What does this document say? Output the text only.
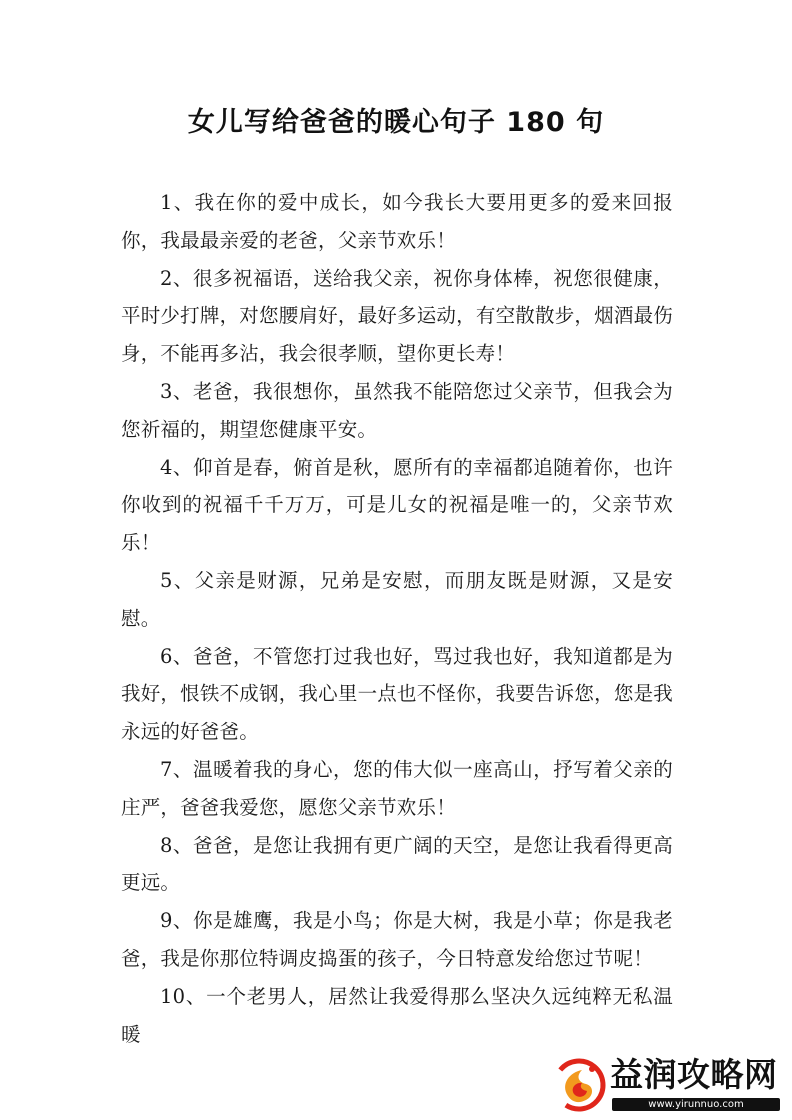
女儿写给爸爸的暖心句子 180 句

1、我在你的爱中成长，如今我长大要用更多的爱来回报你，我最最亲爱的老爸，父亲节欢乐！

2、很多祝福语，送给我父亲，祝你身体棒，祝您很健康，平时少打牌，对您腰肩好，最好多运动，有空散散步，烟酒最伤身，不能再多沾，我会很孝顺，望你更长寿！

3、老爸，我很想你，虽然我不能陪您过父亲节，但我会为您祈福的，期望您健康平安。

4、仰首是春，俯首是秋，愿所有的幸福都追随着你，也许你收到的祝福千千万万，可是儿女的祝福是唯一的，父亲节欢乐！

5、父亲是财源，兄弟是安慰，而朋友既是财源，又是安慰。

6、爸爸，不管您打过我也好，骂过我也好，我知道都是为我好，恨铁不成钢，我心里一点也不怪你，我要告诉您，您是我永远的好爸爸。

7、温暖着我的身心，您的伟大似一座高山，抒写着父亲的庄严，爸爸我爱您，愿您父亲节欢乐！

8、爸爸，是您让我拥有更广阔的天空，是您让我看得更高更远。

9、你是雄鹰，我是小鸟；你是大树，我是小草；你是我老爸，我是你那位特调皮捣蛋的孩子，今日特意发给您过节呢！

10、一个老男人，居然让我爱得那么坚决久远纯粹无私温暖

益润攻略网
www.yirunnuo.com
